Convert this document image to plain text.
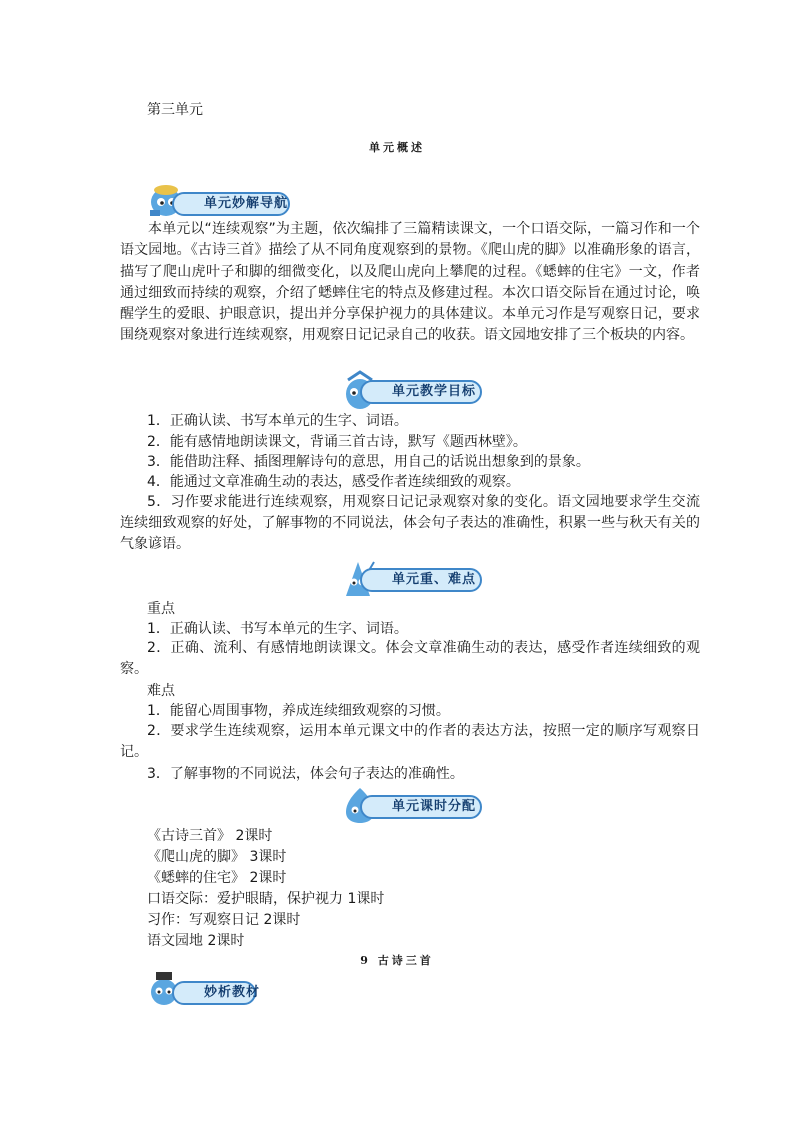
第三单元
单元概述
单元妙解导航
本单元以“连续观察”为主题，依次编排了三篇精读课文，一个口语交际，一篇习作和一个语文园地。《古诗三首》描绘了从不同角度观察到的景物。《爬山虎的脚》以准确形象的语言，描写了爬山虎叶子和脚的细微变化，以及爬山虎向上攀爬的过程。《蟋蟀的住宅》一文，作者通过细致而持续的观察，介绍了蟋蟀住宅的特点及修建过程。本次口语交际旨在通过讨论，唤醒学生的爱眼、护眼意识，提出并分享保护视力的具体建议。本单元习作是写观察日记，要求围绕观察对象进行连续观察，用观察日记记录自己的收获。语文园地安排了三个板块的内容。
单元教学目标
1．正确认读、书写本单元的生字、词语。
2．能有感情地朗读课文，背诵三首古诗，默写《题西林壁》。
3．能借助注释、插图理解诗句的意思，用自己的话说出想象到的景象。
4．能通过文章准确生动的表达，感受作者连续细致的观察。
5．习作要求能进行连续观察，用观察日记记录观察对象的变化。语文园地要求学生交流连续细致观察的好处，了解事物的不同说法，体会句子表达的准确性，积累一些与秋天有关的气象谚语。
单元重、难点
重点
1．正确认读、书写本单元的生字、词语。
2．正确、流利、有感情地朗读课文。体会文章准确生动的表达，感受作者连续细致的观察。
难点
1．能留心周围事物，养成连续细致观察的习惯。
2．要求学生连续观察，运用本单元课文中的作者的表达方法，按照一定的顺序写观察日记。
3．了解事物的不同说法，体会句子表达的准确性。
单元课时分配
《古诗三首》 2课时
《爬山虎的脚》 3课时
《蟋蟀的住宅》 2课时
口语交际：爱护眼睛，保护视力 1课时
习作：写观察日记 2课时
语文园地 2课时
9 古诗三首
妙析教材
